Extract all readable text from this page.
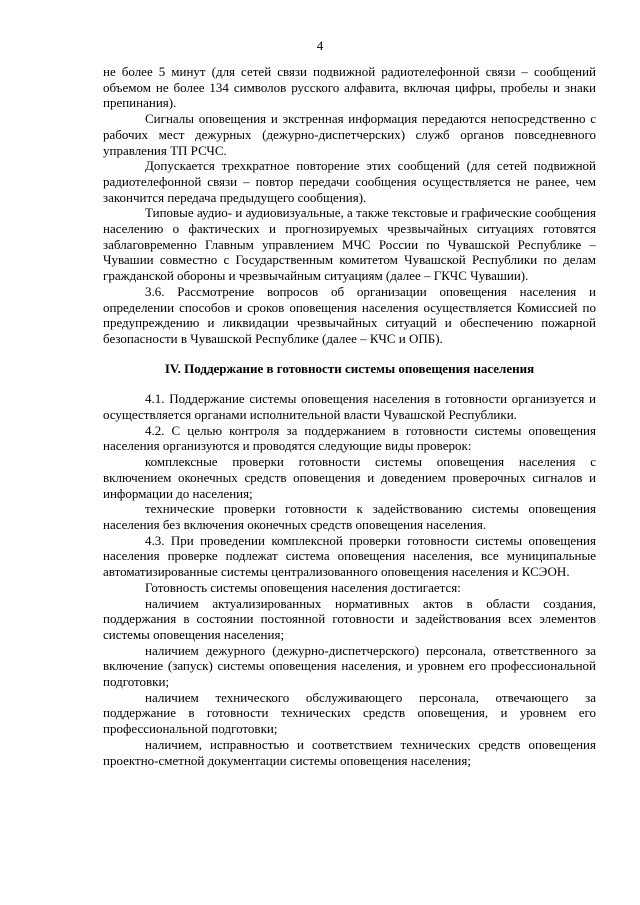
4

не более 5 минут (для сетей связи подвижной радиотелефонной связи – сообщений объемом не более 134 символов русского алфавита, включая цифры, пробелы и знаки препинания).

Сигналы оповещения и экстренная информация передаются непосредственно с рабочих мест дежурных (дежурно-диспетчерских) служб органов повседневного управления ТП РСЧС.

Допускается трехкратное повторение этих сообщений (для сетей подвижной радиотелефонной связи – повтор передачи сообщения осуществляется не ранее, чем закончится передача предыдущего сообщения).

Типовые аудио- и аудиовизуальные, а также текстовые и графические сообщения населению о фактических и прогнозируемых чрезвычайных ситуациях готовятся заблаговременно Главным управлением МЧС России по Чувашской Республике – Чувашии совместно с Государственным комитетом Чувашской Республики по делам гражданской обороны и чрезвычайным ситуациям (далее – ГКЧС Чувашии).

3.6. Рассмотрение вопросов об организации оповещения населения и определении способов и сроков оповещения населения осуществляется Комиссией по предупреждению и ликвидации чрезвычайных ситуаций и обеспечению пожарной безопасности в Чувашской Республике (далее – КЧС и ОПБ).

IV. Поддержание в готовности системы оповещения населения

4.1. Поддержание системы оповещения населения в готовности организуется и осуществляется органами исполнительной власти Чувашской Республики.

4.2. С целью контроля за поддержанием в готовности системы оповещения населения организуются и проводятся следующие виды проверок:

комплексные проверки готовности системы оповещения населения с включением оконечных средств оповещения и доведением проверочных сигналов и информации до населения;

технические проверки готовности к задействованию системы оповещения населения без включения оконечных средств оповещения населения.

4.3. При проведении комплексной проверки готовности системы оповещения населения проверке подлежат система оповещения населения, все муниципальные автоматизированные системы централизованного оповещения населения и КСЭОН.

Готовность системы оповещения населения достигается:

наличием актуализированных нормативных актов в области создания, поддержания в состоянии постоянной готовности и задействования всех элементов системы оповещения населения;

наличием дежурного (дежурно-диспетчерского) персонала, ответственного за включение (запуск) системы оповещения населения, и уровнем его профессиональной подготовки;

наличием технического обслуживающего персонала, отвечающего за поддержание в готовности технических средств оповещения, и уровнем его профессиональной подготовки;

наличием, исправностью и соответствием технических средств оповещения проектно-сметной документации системы оповещения населения;
